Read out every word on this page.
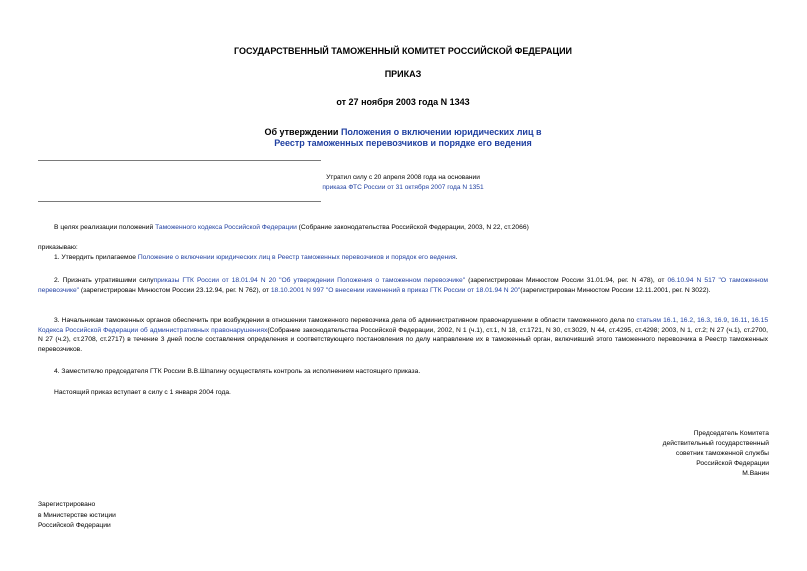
ГОСУДАРСТВЕННЫЙ ТАМОЖЕННЫЙ КОМИТЕТ РОССИЙСКОЙ ФЕДЕРАЦИИ
ПРИКАЗ
от 27 ноября 2003 года N 1343
Об утверждении Положения о включении юридических лиц в Реестр таможенных перевозчиков и порядке его ведения
Утратил силу с 20 апреля 2008 года на основании
приказа ФТС России от 31 октября 2007 года N 1351
В целях реализации положений Таможенного кодекса Российской Федерации (Собрание законодательства Российской Федерации, 2003, N 22, ст.2066)
приказываю:
1. Утвердить прилагаемое Положение о включении юридических лиц в Реестр таможенных перевозчиков и порядок его ведения.
2. Признать утратившими силуприказы ГТК России от 18.01.94 N 20 "Об утверждении Положения о таможенном перевозчике" (зарегистрирован Минюстом России 31.01.94, рег. N 478), от 06.10.94 N 517 "О таможенном перевозчике" (зарегистрирован Минюстом России 23.12.94, рег. N 762), от 18.10.2001 N 997 "О внесении изменений в приказ ГТК России от 18.01.94 N 20"(зарегистрирован Минюстом России 12.11.2001, рег. N 3022).
3. Начальникам таможенных органов обеспечить при возбуждении в отношении таможенного перевозчика дела об административном правонарушении в области таможенного дела по статьям 16.1, 16.2, 16.3, 16.9, 16.11, 16.15 Кодекса Российской Федерации об административных правонарушениях(Собрание законодательства Российской Федерации, 2002, N 1 (ч.1), ст.1, N 18, ст.1721, N 30, ст.3029, N 44, ст.4295, ст.4298; 2003, N 1, ст.2; N 27 (ч.1), ст.2700, N 27 (ч.2), ст.2708, ст.2717) в течение 3 дней после составления определения и соответствующего постановления по делу направление их в таможенный орган, включивший этого таможенного перевозчика в Реестр таможенных перевозчиков.
4. Заместителю председателя ГТК России В.В.Шпагину осуществлять контроль за исполнением настоящего приказа.
Настоящий приказ вступает в силу с 1 января 2004 года.
Председатель Комитета
действительный государственный
советник таможенной службы
Российской Федерации
М.Ванин
Зарегистрировано
в Министерстве юстиции
Российской Федерации
